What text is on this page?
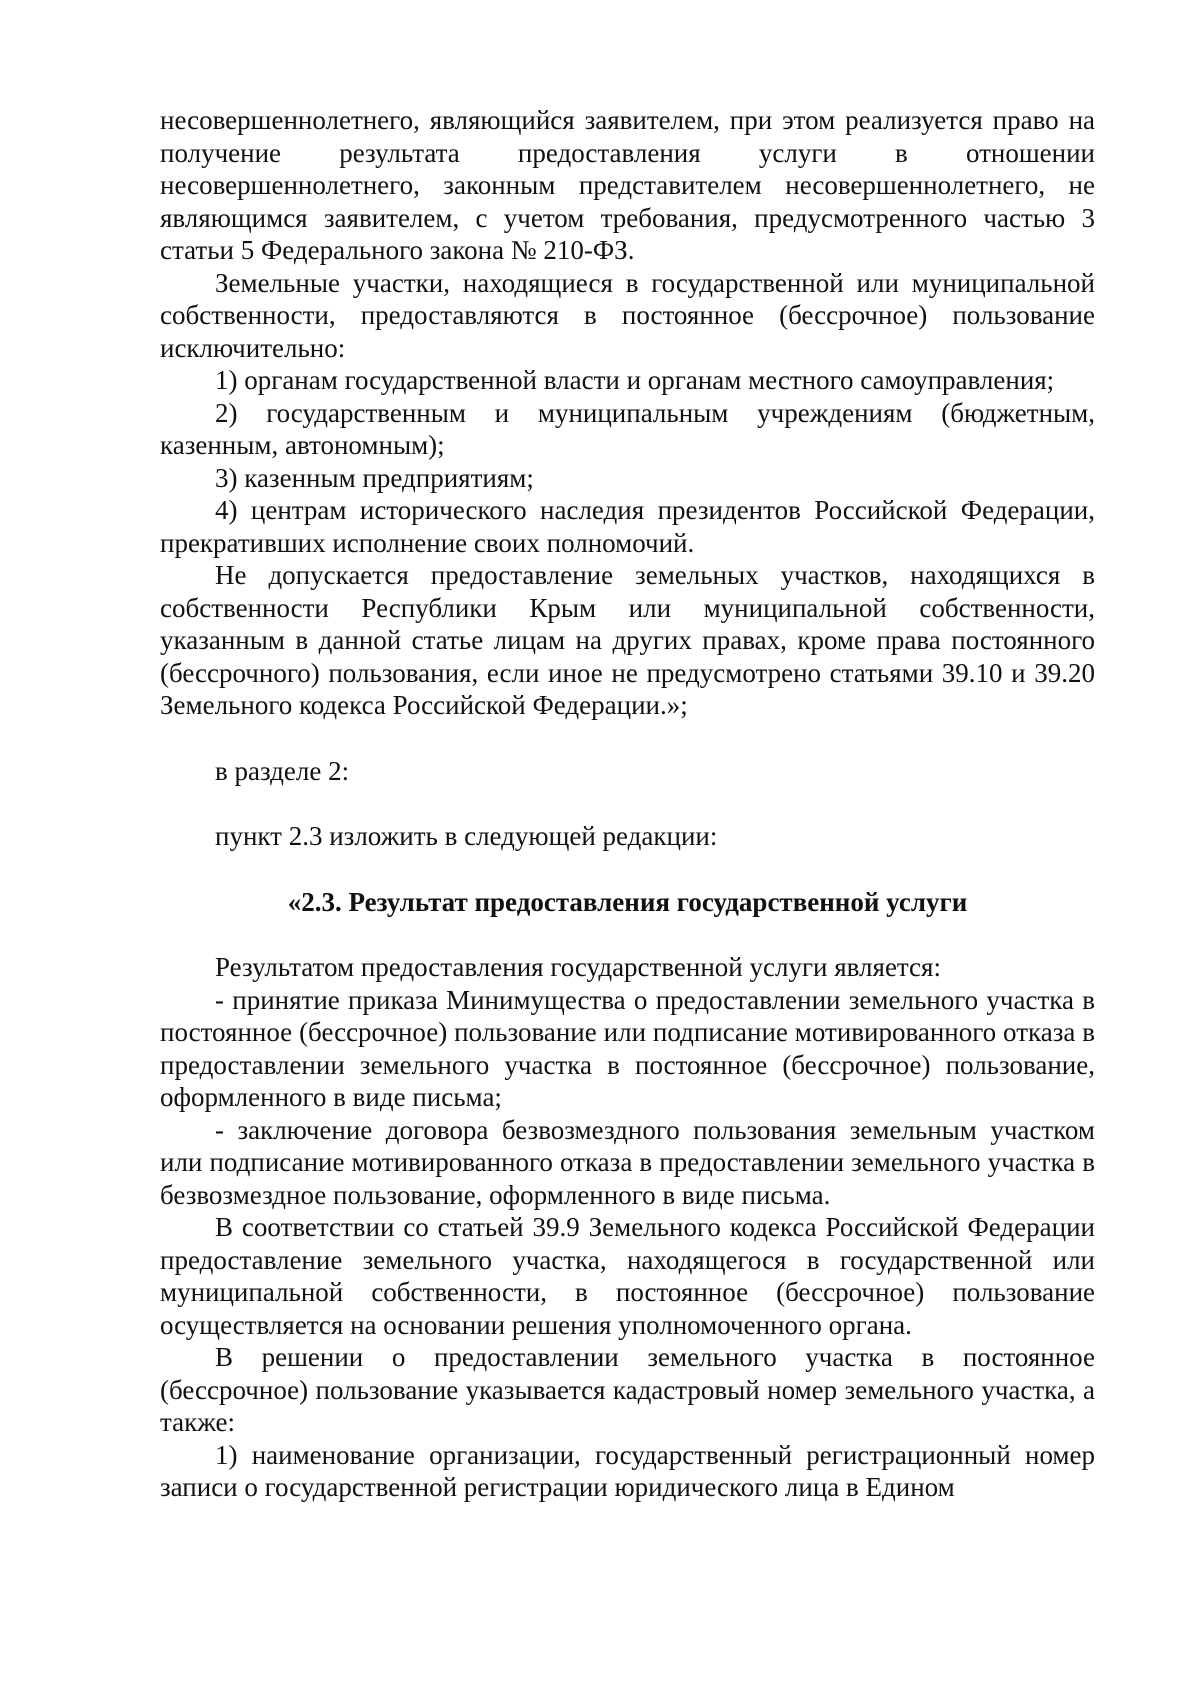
несовершеннолетнего, являющийся заявителем, при этом реализуется право на получение результата предоставления услуги в отношении несовершеннолетнего, законным представителем несовершеннолетнего, не являющимся заявителем, с учетом требования, предусмотренного частью 3 статьи 5 Федерального закона № 210-ФЗ.

Земельные участки, находящиеся в государственной или муниципальной собственности, предоставляются в постоянное (бессрочное) пользование исключительно:

1) органам государственной власти и органам местного самоуправления;

2) государственным и муниципальным учреждениям (бюджетным, казенным, автономным);

3) казенным предприятиям;

4) центрам исторического наследия президентов Российской Федерации, прекративших исполнение своих полномочий.

Не допускается предоставление земельных участков, находящихся в собственности Республики Крым или муниципальной собственности, указанным в данной статье лицам на других правах, кроме права постоянного (бессрочного) пользования, если иное не предусмотрено статьями 39.10 и 39.20 Земельного кодекса Российской Федерации.»;

в разделе 2:

пункт 2.3 изложить в следующей редакции:

«2.3. Результат предоставления государственной услуги

Результатом предоставления государственной услуги является:

- принятие приказа Минимущества о предоставлении земельного участка в постоянное (бессрочное) пользование или подписание мотивированного отказа в предоставлении земельного участка в постоянное (бессрочное) пользование, оформленного в виде письма;

- заключение договора безвозмездного пользования земельным участком или подписание мотивированного отказа в предоставлении земельного участка в безвозмездное пользование, оформленного в виде письма.

В соответствии со статьей 39.9 Земельного кодекса Российской Федерации предоставление земельного участка, находящегося в государственной или муниципальной собственности, в постоянное (бессрочное) пользование осуществляется на основании решения уполномоченного органа.

В решении о предоставлении земельного участка в постоянное (бессрочное) пользование указывается кадастровый номер земельного участка, а также:

1) наименование организации, государственный регистрационный номер записи о государственной регистрации юридического лица в Едином
